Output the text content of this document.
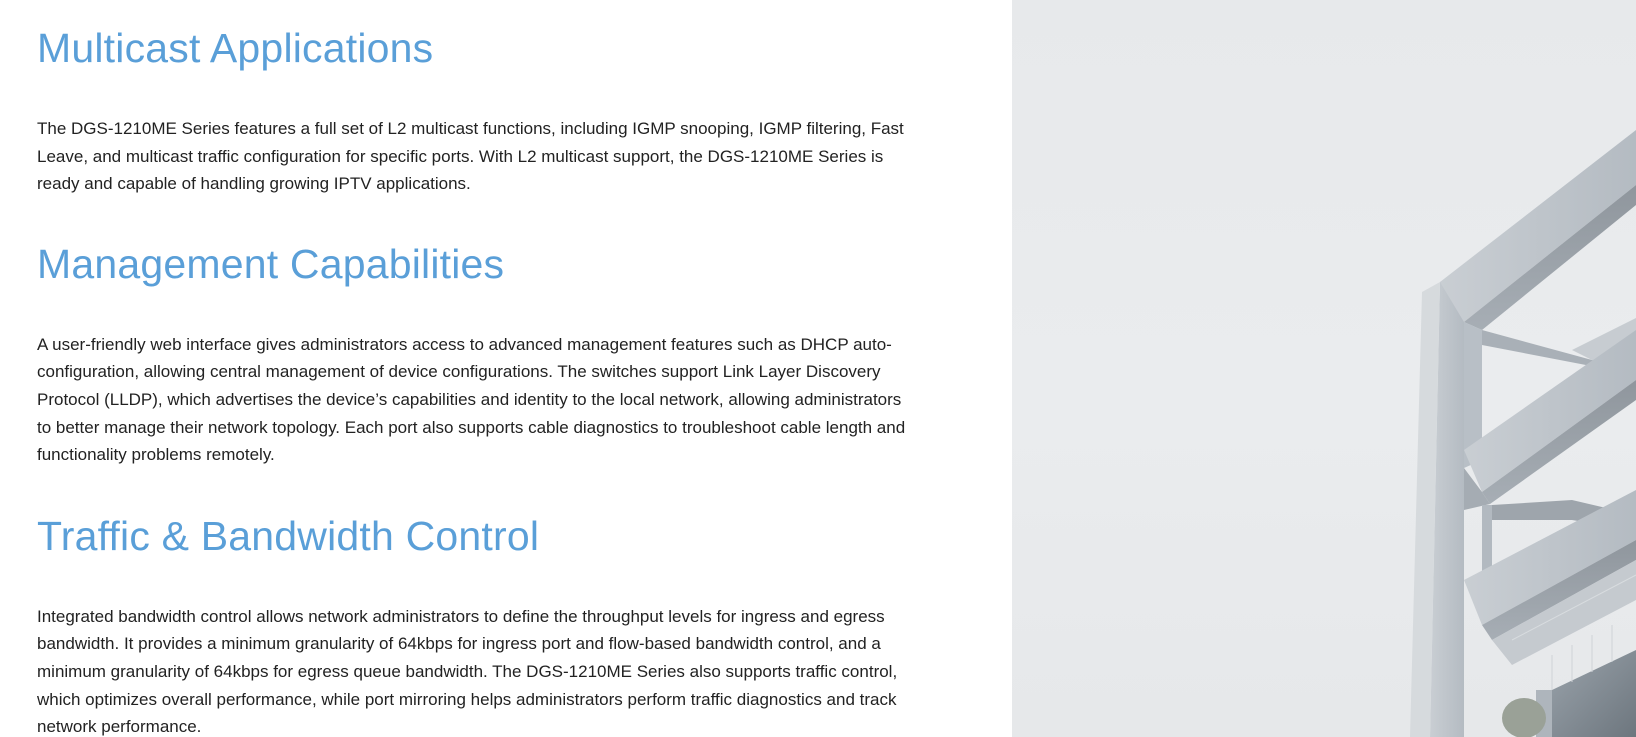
Multicast Applications

The DGS-1210ME Series features a full set of L2 multicast functions, including IGMP snooping, IGMP filtering, Fast Leave, and multicast traffic configuration for specific ports. With L2 multicast support, the DGS-1210ME Series is ready and capable of handling growing IPTV applications.

Management Capabilities

A user-friendly web interface gives administrators access to advanced management features such as DHCP auto-configuration, allowing central management of device configurations. The switches support Link Layer Discovery Protocol (LLDP), which advertises the device’s capabilities and identity to the local network, allowing administrators to better manage their network topology. Each port also supports cable diagnostics to troubleshoot cable length and functionality problems remotely.

Traffic & Bandwidth Control

Integrated bandwidth control allows network administrators to define the throughput levels for ingress and egress bandwidth. It provides a minimum granularity of 64kbps for ingress port and flow-based bandwidth control, and a minimum granularity of 64kbps for egress queue bandwidth. The DGS-1210ME Series also supports traffic control, which optimizes overall performance, while port mirroring helps administrators perform traffic diagnostics and track network performance.
